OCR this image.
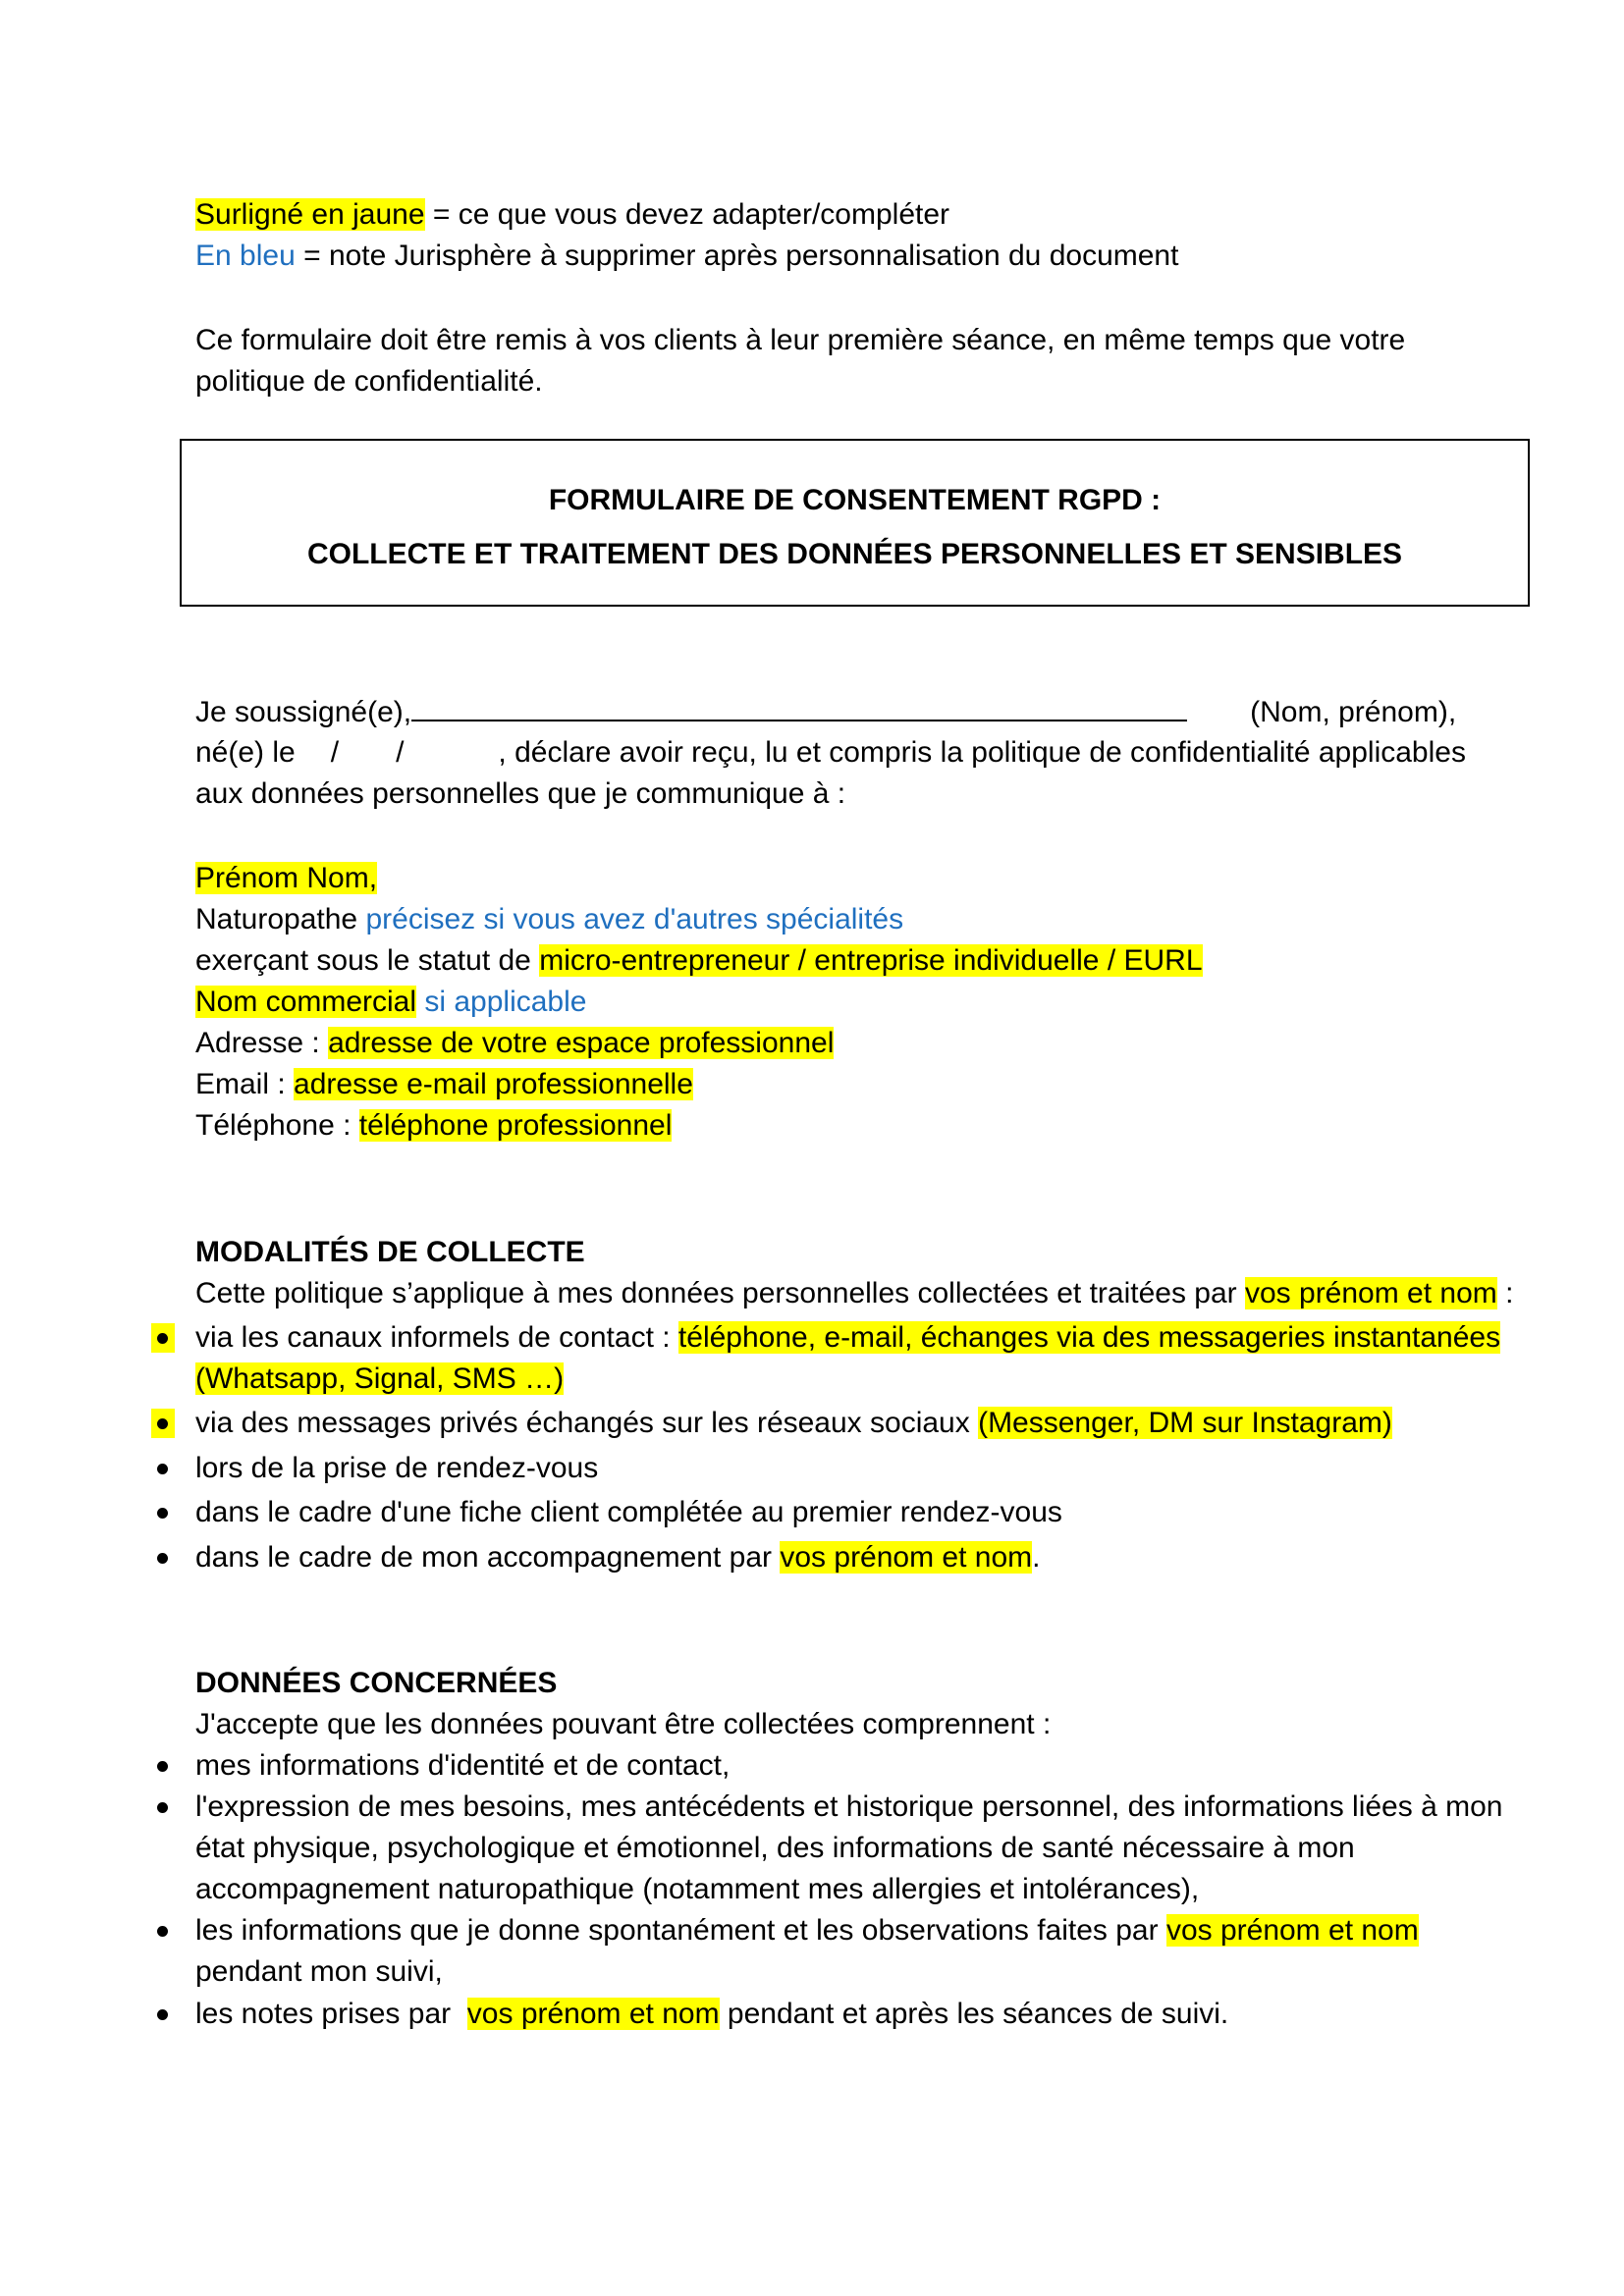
Surligné en jaune = ce que vous devez adapter/compléter
En bleu = note Jurisphère à supprimer après personnalisation du document
Ce formulaire doit être remis à vos clients à leur première séance, en même temps que votre
politique de confidentialité.
FORMULAIRE DE CONSENTEMENT RGPD :
COLLECTE ET TRAITEMENT DES DONNÉES PERSONNELLES ET SENSIBLES
Je soussigné(e),	(Nom, prénom),
né(e) le / /	, déclare avoir reçu, lu et compris la politique de confidentialité applicables
aux données personnelles que je communique à :
Prénom Nom,
Naturopathe précisez si vous avez d'autres spécialités
exerçant sous le statut de micro-entrepreneur / entreprise individuelle / EURL
Nom commercial si applicable
Adresse : adresse de votre espace professionnel
Email : adresse e-mail professionnelle
Téléphone : téléphone professionnel
MODALITÉS DE COLLECTE
Cette politique s’applique à mes données personnelles collectées et traitées par vos prénom et nom :
via les canaux informels de contact : téléphone, e-mail, échanges via des messageries instantanées
(Whatsapp, Signal, SMS …)
via des messages privés échangés sur les réseaux sociaux (Messenger, DM sur Instagram)
lors de la prise de rendez-vous
dans le cadre d'une fiche client complétée au premier rendez-vous
dans le cadre de mon accompagnement par vos prénom et nom.
DONNÉES CONCERNÉES
J'accepte que les données pouvant être collectées comprennent :
mes informations d'identité et de contact,
l'expression de mes besoins, mes antécédents et historique personnel, des informations liées à mon
état physique, psychologique et émotionnel, des informations de santé nécessaire à mon
accompagnement naturopathique (notamment mes allergies et intolérances),
les informations que je donne spontanément et les observations faites par vos prénom et nom
pendant mon suivi,
les notes prises par  vos prénom et nom pendant et après les séances de suivi.
